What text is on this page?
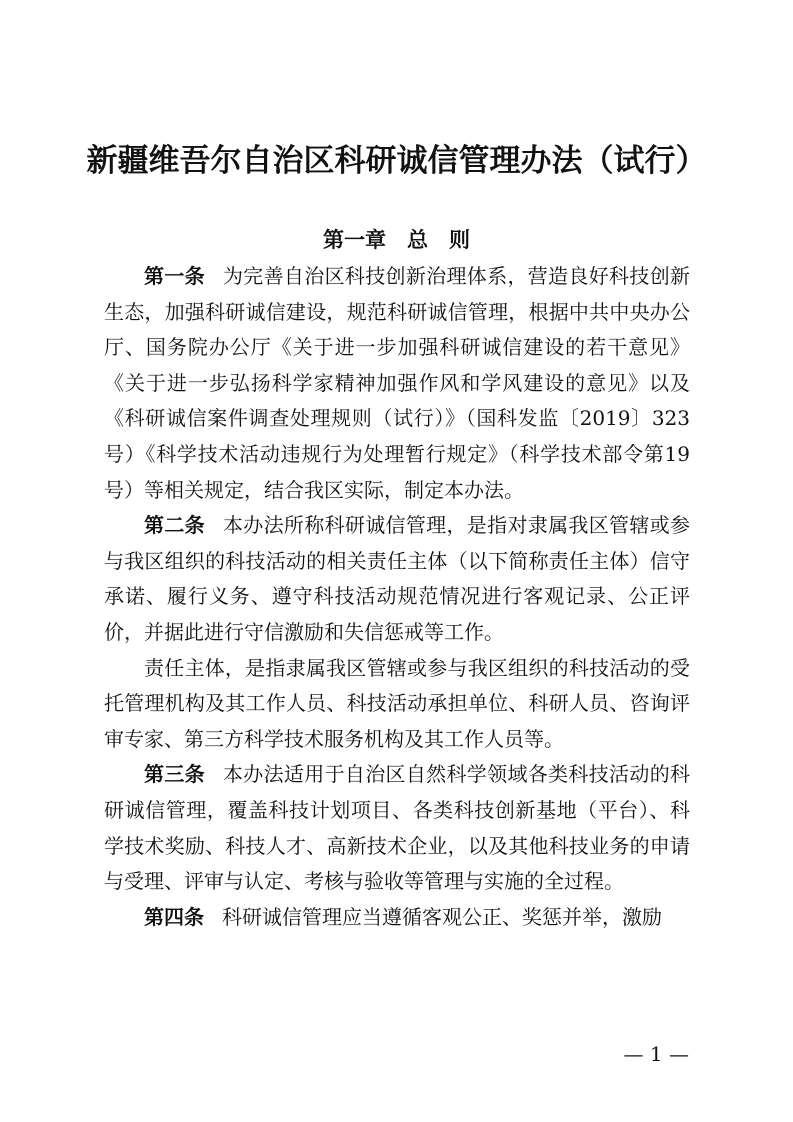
新疆维吾尔自治区科研诚信管理办法（试行）
第一章　总　则

第一条 为完善自治区科技创新治理体系，营造良好科技创新生态，加强科研诚信建设，规范科研诚信管理，根据中共中央办公厅、国务院办公厅《关于进一步加强科研诚信建设的若干意见》《关于进一步弘扬科学家精神加强作风和学风建设的意见》以及《科研诚信案件调查处理规则（试行）》（国科发监〔2019〕323号）《科学技术活动违规行为处理暂行规定》（科学技术部令第19号）等相关规定，结合我区实际，制定本办法。

第二条 本办法所称科研诚信管理，是指对隶属我区管辖或参与我区组织的科技活动的相关责任主体（以下简称责任主体）信守承诺、履行义务、遵守科技活动规范情况进行客观记录、公正评价，并据此进行守信激励和失信惩戒等工作。

责任主体，是指隶属我区管辖或参与我区组织的科技活动的受托管理机构及其工作人员、科技活动承担单位、科研人员、咨询评审专家、第三方科学技术服务机构及其工作人员等。

第三条 本办法适用于自治区自然科学领域各类科技活动的科研诚信管理，覆盖科技计划项目、各类科技创新基地（平台）、科学技术奖励、科技人才、高新技术企业，以及其他科技业务的申请与受理、评审与认定、考核与验收等管理与实施的全过程。

第四条 科研诚信管理应当遵循客观公正、奖惩并举，激励

— 1 —
